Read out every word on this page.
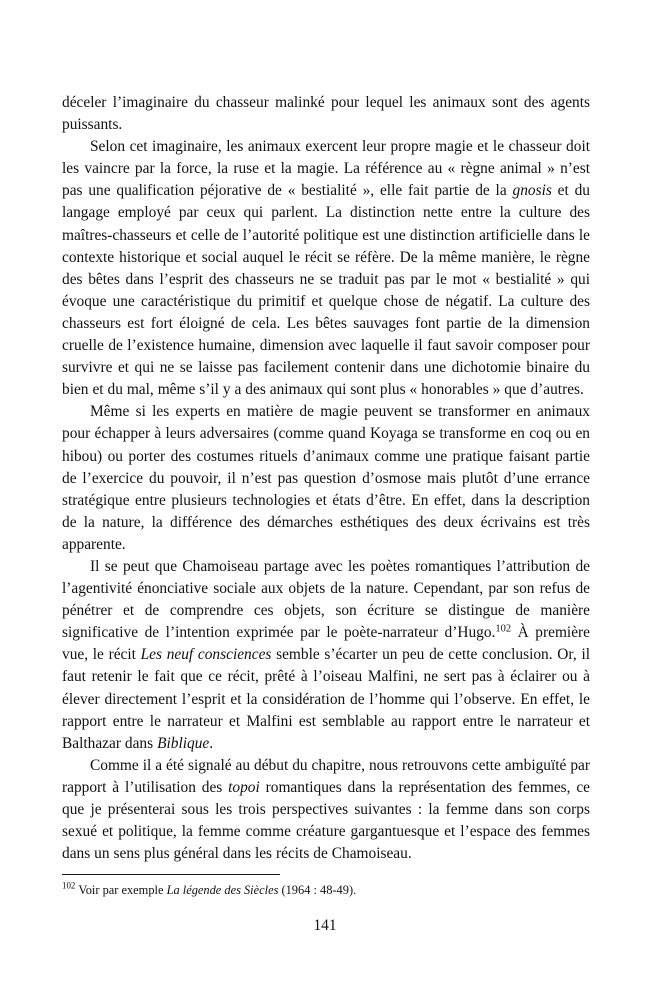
déceler l’imaginaire du chasseur malinké pour lequel les animaux sont des agents puissants.

Selon cet imaginaire, les animaux exercent leur propre magie et le chasseur doit les vaincre par la force, la ruse et la magie. La référence au « règne animal » n’est pas une qualification péjorative de « bestialité », elle fait partie de la gnosis et du langage employé par ceux qui parlent. La distinction nette entre la culture des maîtres-chasseurs et celle de l’autorité politique est une distinction artificielle dans le contexte historique et social auquel le récit se réfère. De la même manière, le règne des bêtes dans l’esprit des chasseurs ne se traduit pas par le mot « bestialité » qui évoque une caractéristique du primitif et quelque chose de négatif. La culture des chasseurs est fort éloigné de cela. Les bêtes sauvages font partie de la dimension cruelle de l’existence humaine, dimension avec laquelle il faut savoir composer pour survivre et qui ne se laisse pas facilement contenir dans une dichotomie binaire du bien et du mal, même s’il y a des animaux qui sont plus « honorables » que d’autres.

Même si les experts en matière de magie peuvent se transformer en animaux pour échapper à leurs adversaires (comme quand Koyaga se transforme en coq ou en hibou) ou porter des costumes rituels d’animaux comme une pratique faisant partie de l’exercice du pouvoir, il n’est pas question d’osmose mais plutôt d’une errance stratégique entre plusieurs technologies et états d’être. En effet, dans la description de la nature, la différence des démarches esthétiques des deux écrivains est très apparente.

Il se peut que Chamoiseau partage avec les poètes romantiques l’attribution de l’agentivité énonciative sociale aux objets de la nature. Cependant, par son refus de pénétrer et de comprendre ces objets, son écriture se distingue de manière significative de l’intention exprimée par le poète-narrateur d’Hugo.$^{102}$ À première vue, le récit Les neuf consciences semble s’écarter un peu de cette conclusion. Or, il faut retenir le fait que ce récit, prêté à l’oiseau Malfini, ne sert pas à éclairer ou à élever directement l’esprit et la considération de l’homme qui l’observe. En effet, le rapport entre le narrateur et Malfini est semblable au rapport entre le narrateur et Balthazar dans Biblique.

Comme il a été signalé au début du chapitre, nous retrouvons cette ambiguïté par rapport à l’utilisation des topoi romantiques dans la représentation des femmes, ce que je présenterai sous les trois perspectives suivantes : la femme dans son corps sexué et politique, la femme comme créature gargantuesque et l’espace des femmes dans un sens plus général dans les récits de Chamoiseau.

$^{102}$ Voir par exemple La légende des Siècles (1964 : 48-49).

141
